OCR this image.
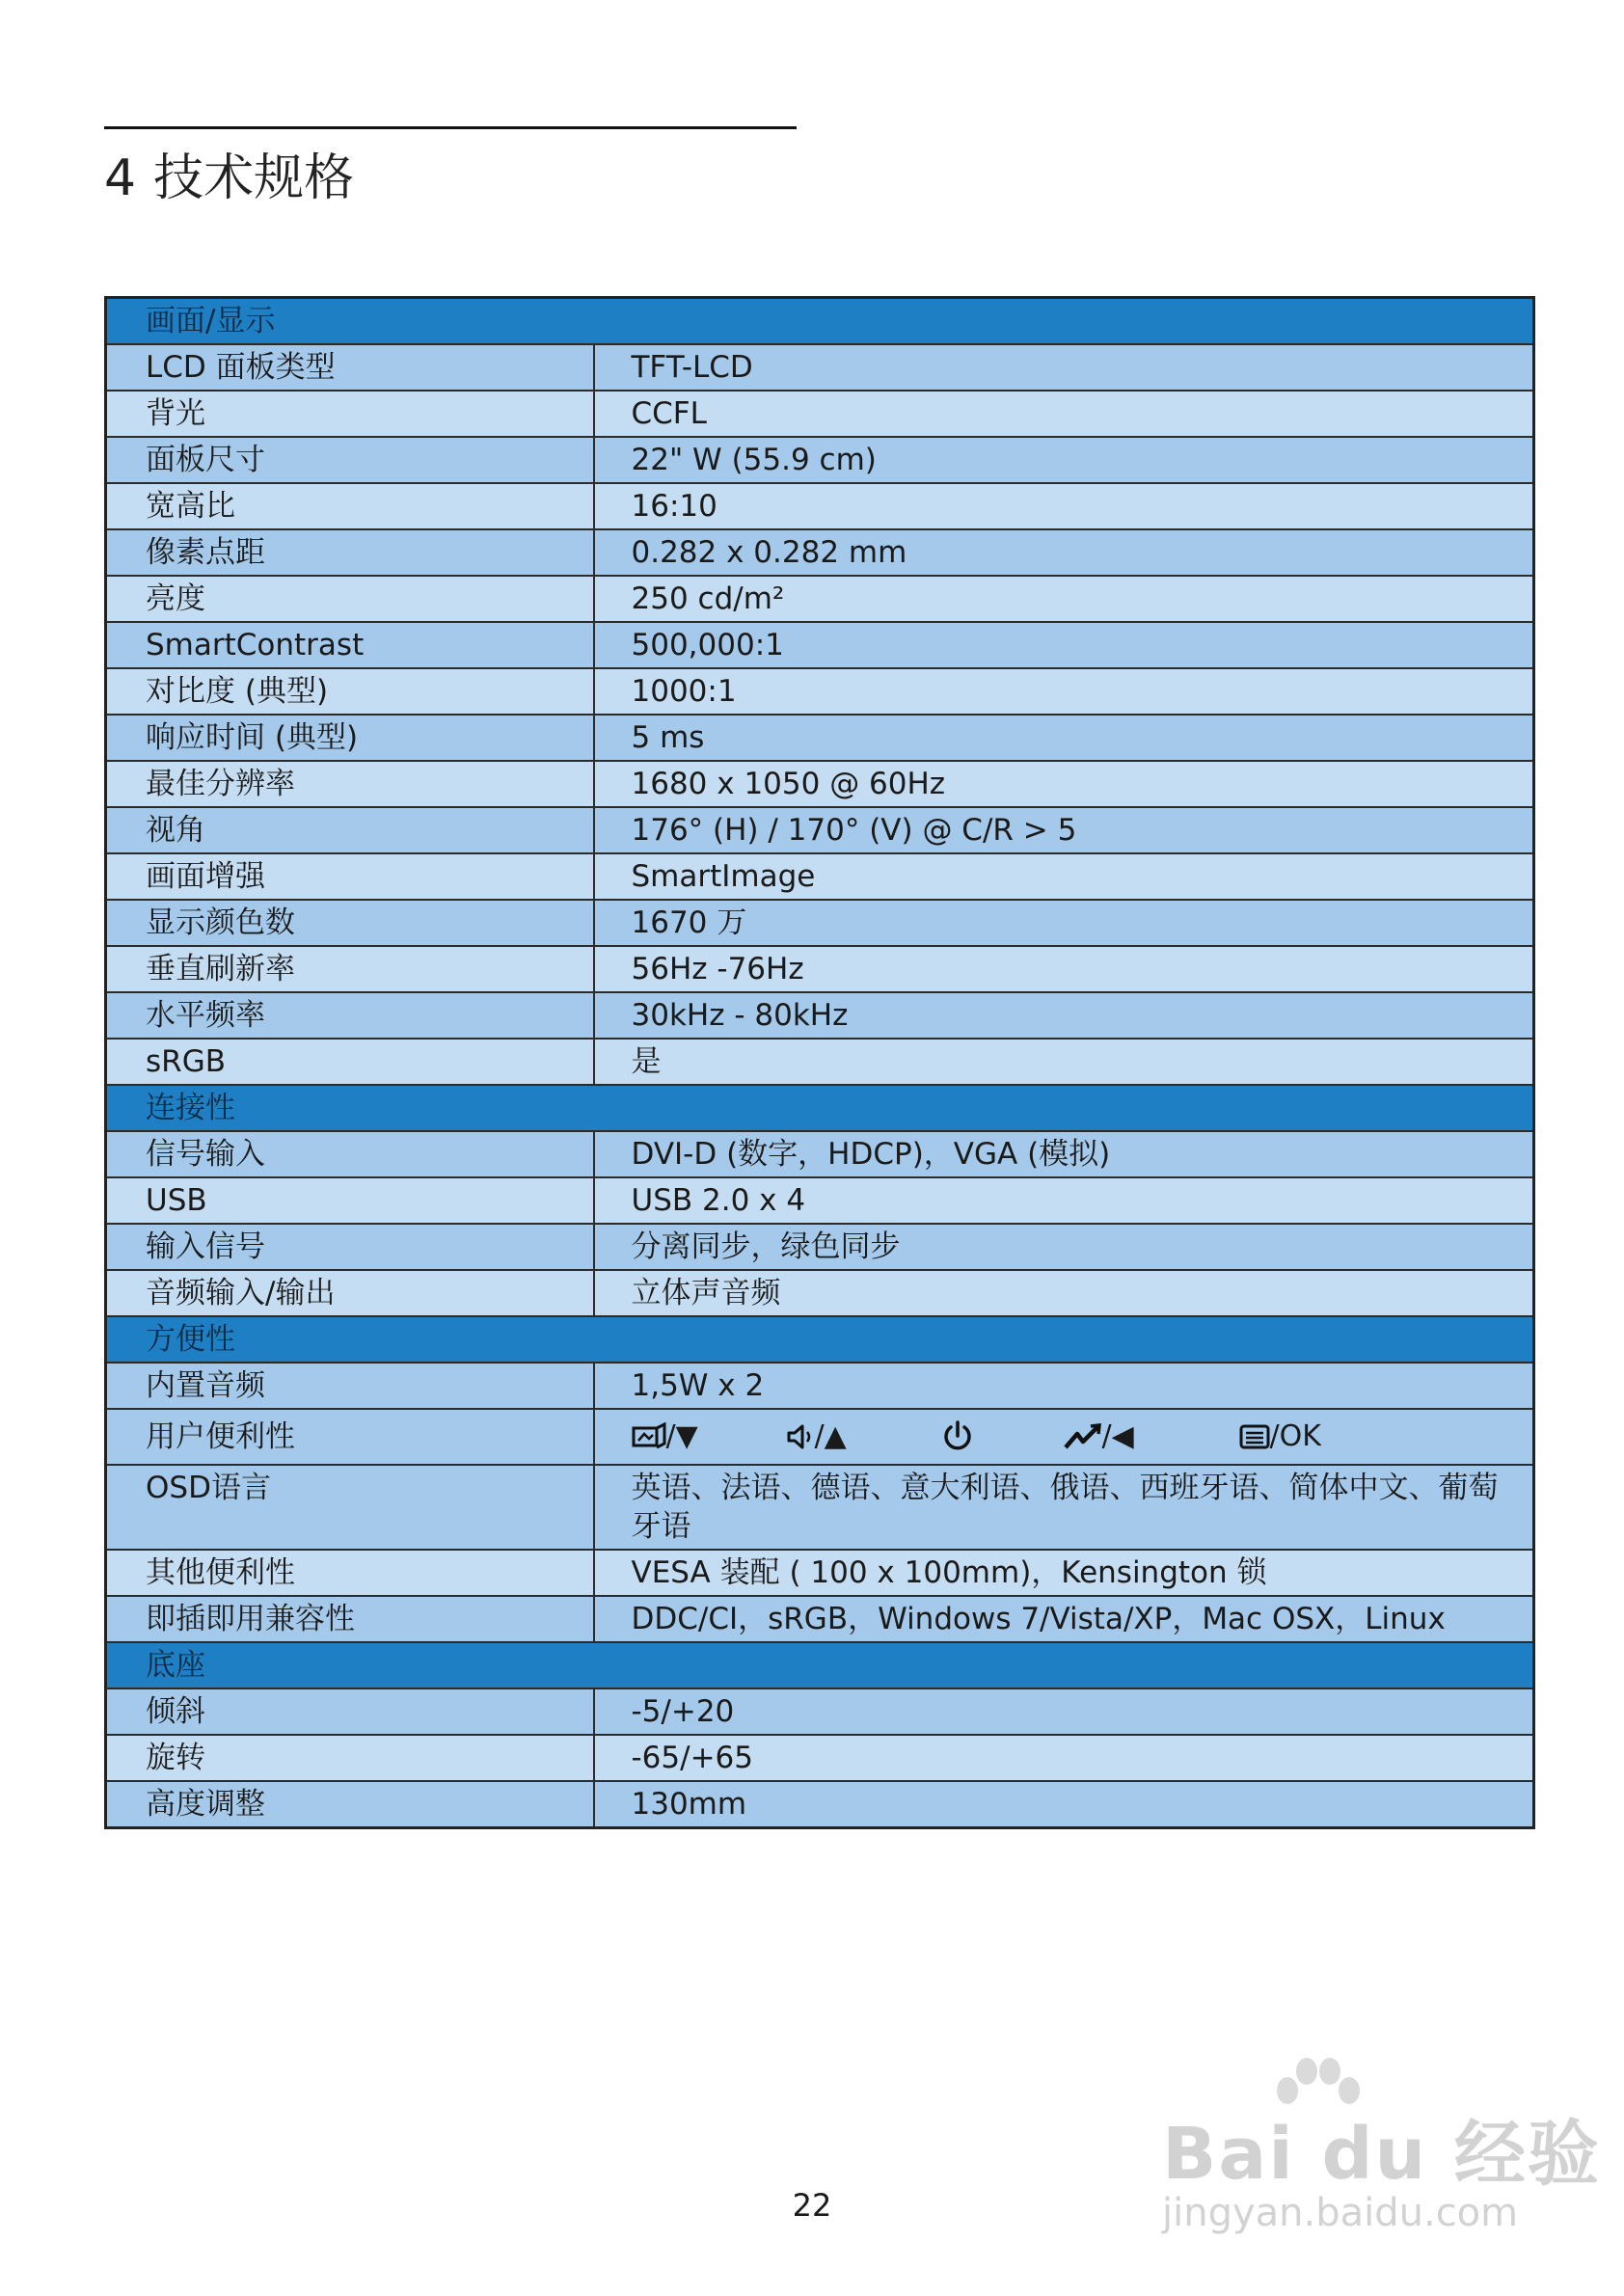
4 技术规格
画面/显示	
LCD 面板类型	TFT-LCD
背光	CCFL
面板尺寸	22" W (55.9 cm)
宽高比	16:10
像素点距	0.282 x 0.282 mm
亮度	250 cd/m²
SmartContrast	500,000:1
对比度 (典型)	1000:1
响应时间 (典型)	5 ms
最佳分辨率	1680 x 1050 @ 60Hz
视角	176° (H) / 170° (V) @ C/R > 5
画面增强	SmartImage
显示颜色数	1670 万
垂直刷新率	56Hz -76Hz
水平频率	30kHz - 80kHz
sRGB	是
连接性	
信号输入	DVI-D (数字，HDCP)，VGA (模拟)
USB	USB 2.0 x 4
输入信号	分离同步，绿色同步
音频输入/输出	立体声音频
方便性	
内置音频	1,5W x 2
用户便利性	/▼ /▲ /◀ /OK

OSD语言	英语、法语、德语、意大利语、俄语、西班牙语、简体中文、葡萄牙语
其他便利性	VESA 装配 ( 100 x 100mm)，Kensington 锁
即插即用兼容性	DDC/CI，sRGB，Windows 7/Vista/XP，Mac OSX，Linux
底座	
倾斜	-5/+20
旋转	-65/+65
高度调整	130mm
22
Bai du 经验
jingyan.baidu.com
